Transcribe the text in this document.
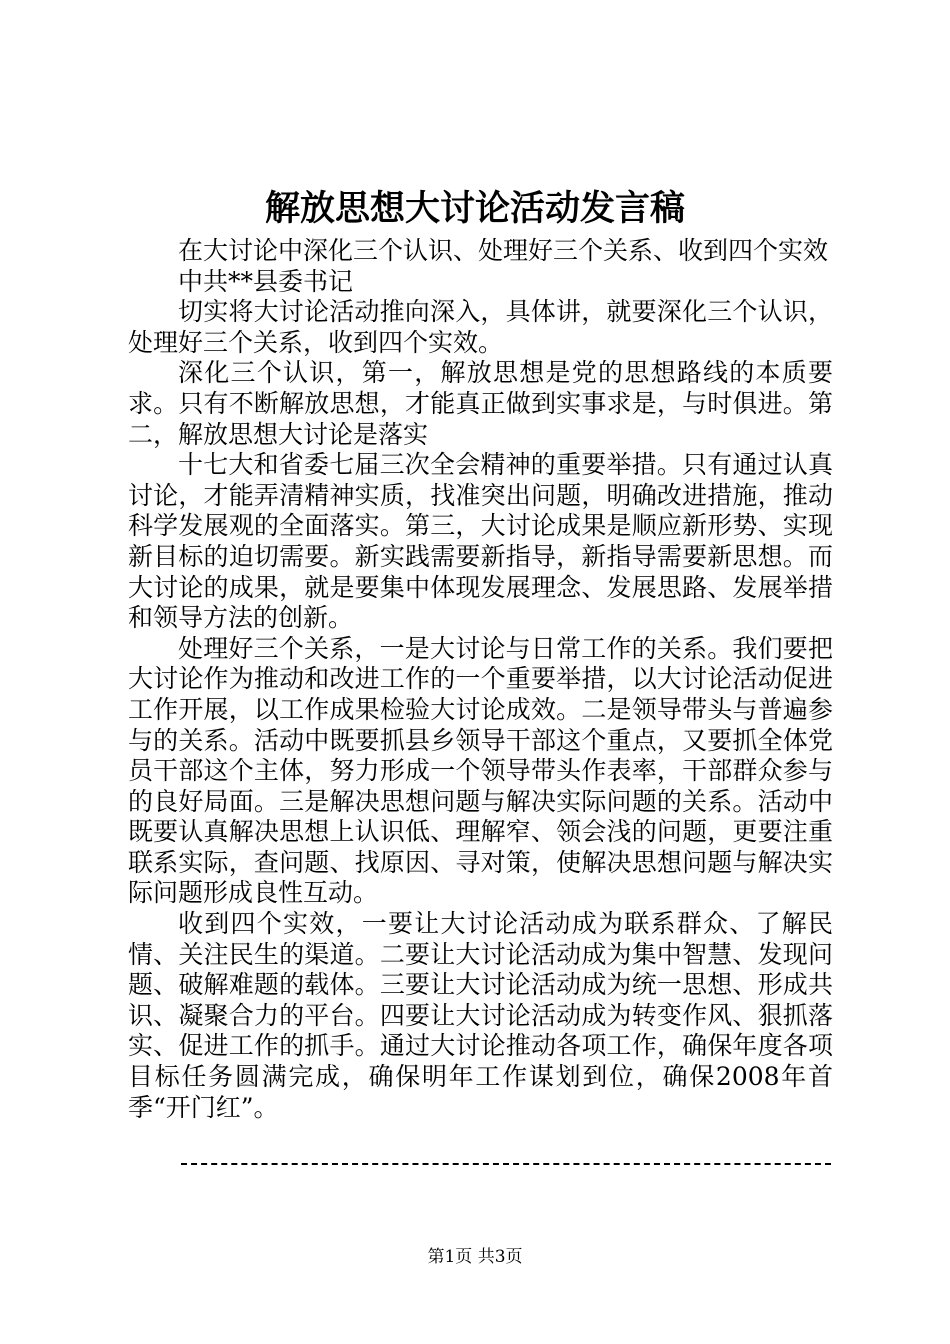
解放思想大讨论活动发言稿

在大讨论中深化三个认识、处理好三个关系、收到四个实效

中共**县委书记

切实将大讨论活动推向深入，具体讲，就要深化三个认识，处理好三个关系，收到四个实效。

深化三个认识，第一，解放思想是党的思想路线的本质要求。只有不断解放思想，才能真正做到实事求是，与时俱进。第二，解放思想大讨论是落实

十七大和省委七届三次全会精神的重要举措。只有通过认真讨论，才能弄清精神实质，找准突出问题，明确改进措施，推动科学发展观的全面落实。第三，大讨论成果是顺应新形势、实现新目标的迫切需要。新实践需要新指导，新指导需要新思想。而大讨论的成果，就是要集中体现发展理念、发展思路、发展举措和领导方法的创新。

处理好三个关系，一是大讨论与日常工作的关系。我们要把大讨论作为推动和改进工作的一个重要举措，以大讨论活动促进工作开展，以工作成果检验大讨论成效。二是领导带头与普遍参与的关系。活动中既要抓县乡领导干部这个重点，又要抓全体党员干部这个主体，努力形成一个领导带头作表率，干部群众参与的良好局面。三是解决思想问题与解决实际问题的关系。活动中既要认真解决思想上认识低、理解窄、领会浅的问题，更要注重联系实际，查问题、找原因、寻对策，使解决思想问题与解决实际问题形成良性互动。

收到四个实效，一要让大讨论活动成为联系群众、了解民情、关注民生的渠道。二要让大讨论活动成为集中智慧、发现问题、破解难题的载体。三要让大讨论活动成为统一思想、形成共识、凝聚合力的平台。四要让大讨论活动成为转变作风、狠抓落实、促进工作的抓手。通过大讨论推动各项工作，确保年度各项目标任务圆满完成，确保明年工作谋划到位，确保2008年首季“开门红”。

第1页 共3页
